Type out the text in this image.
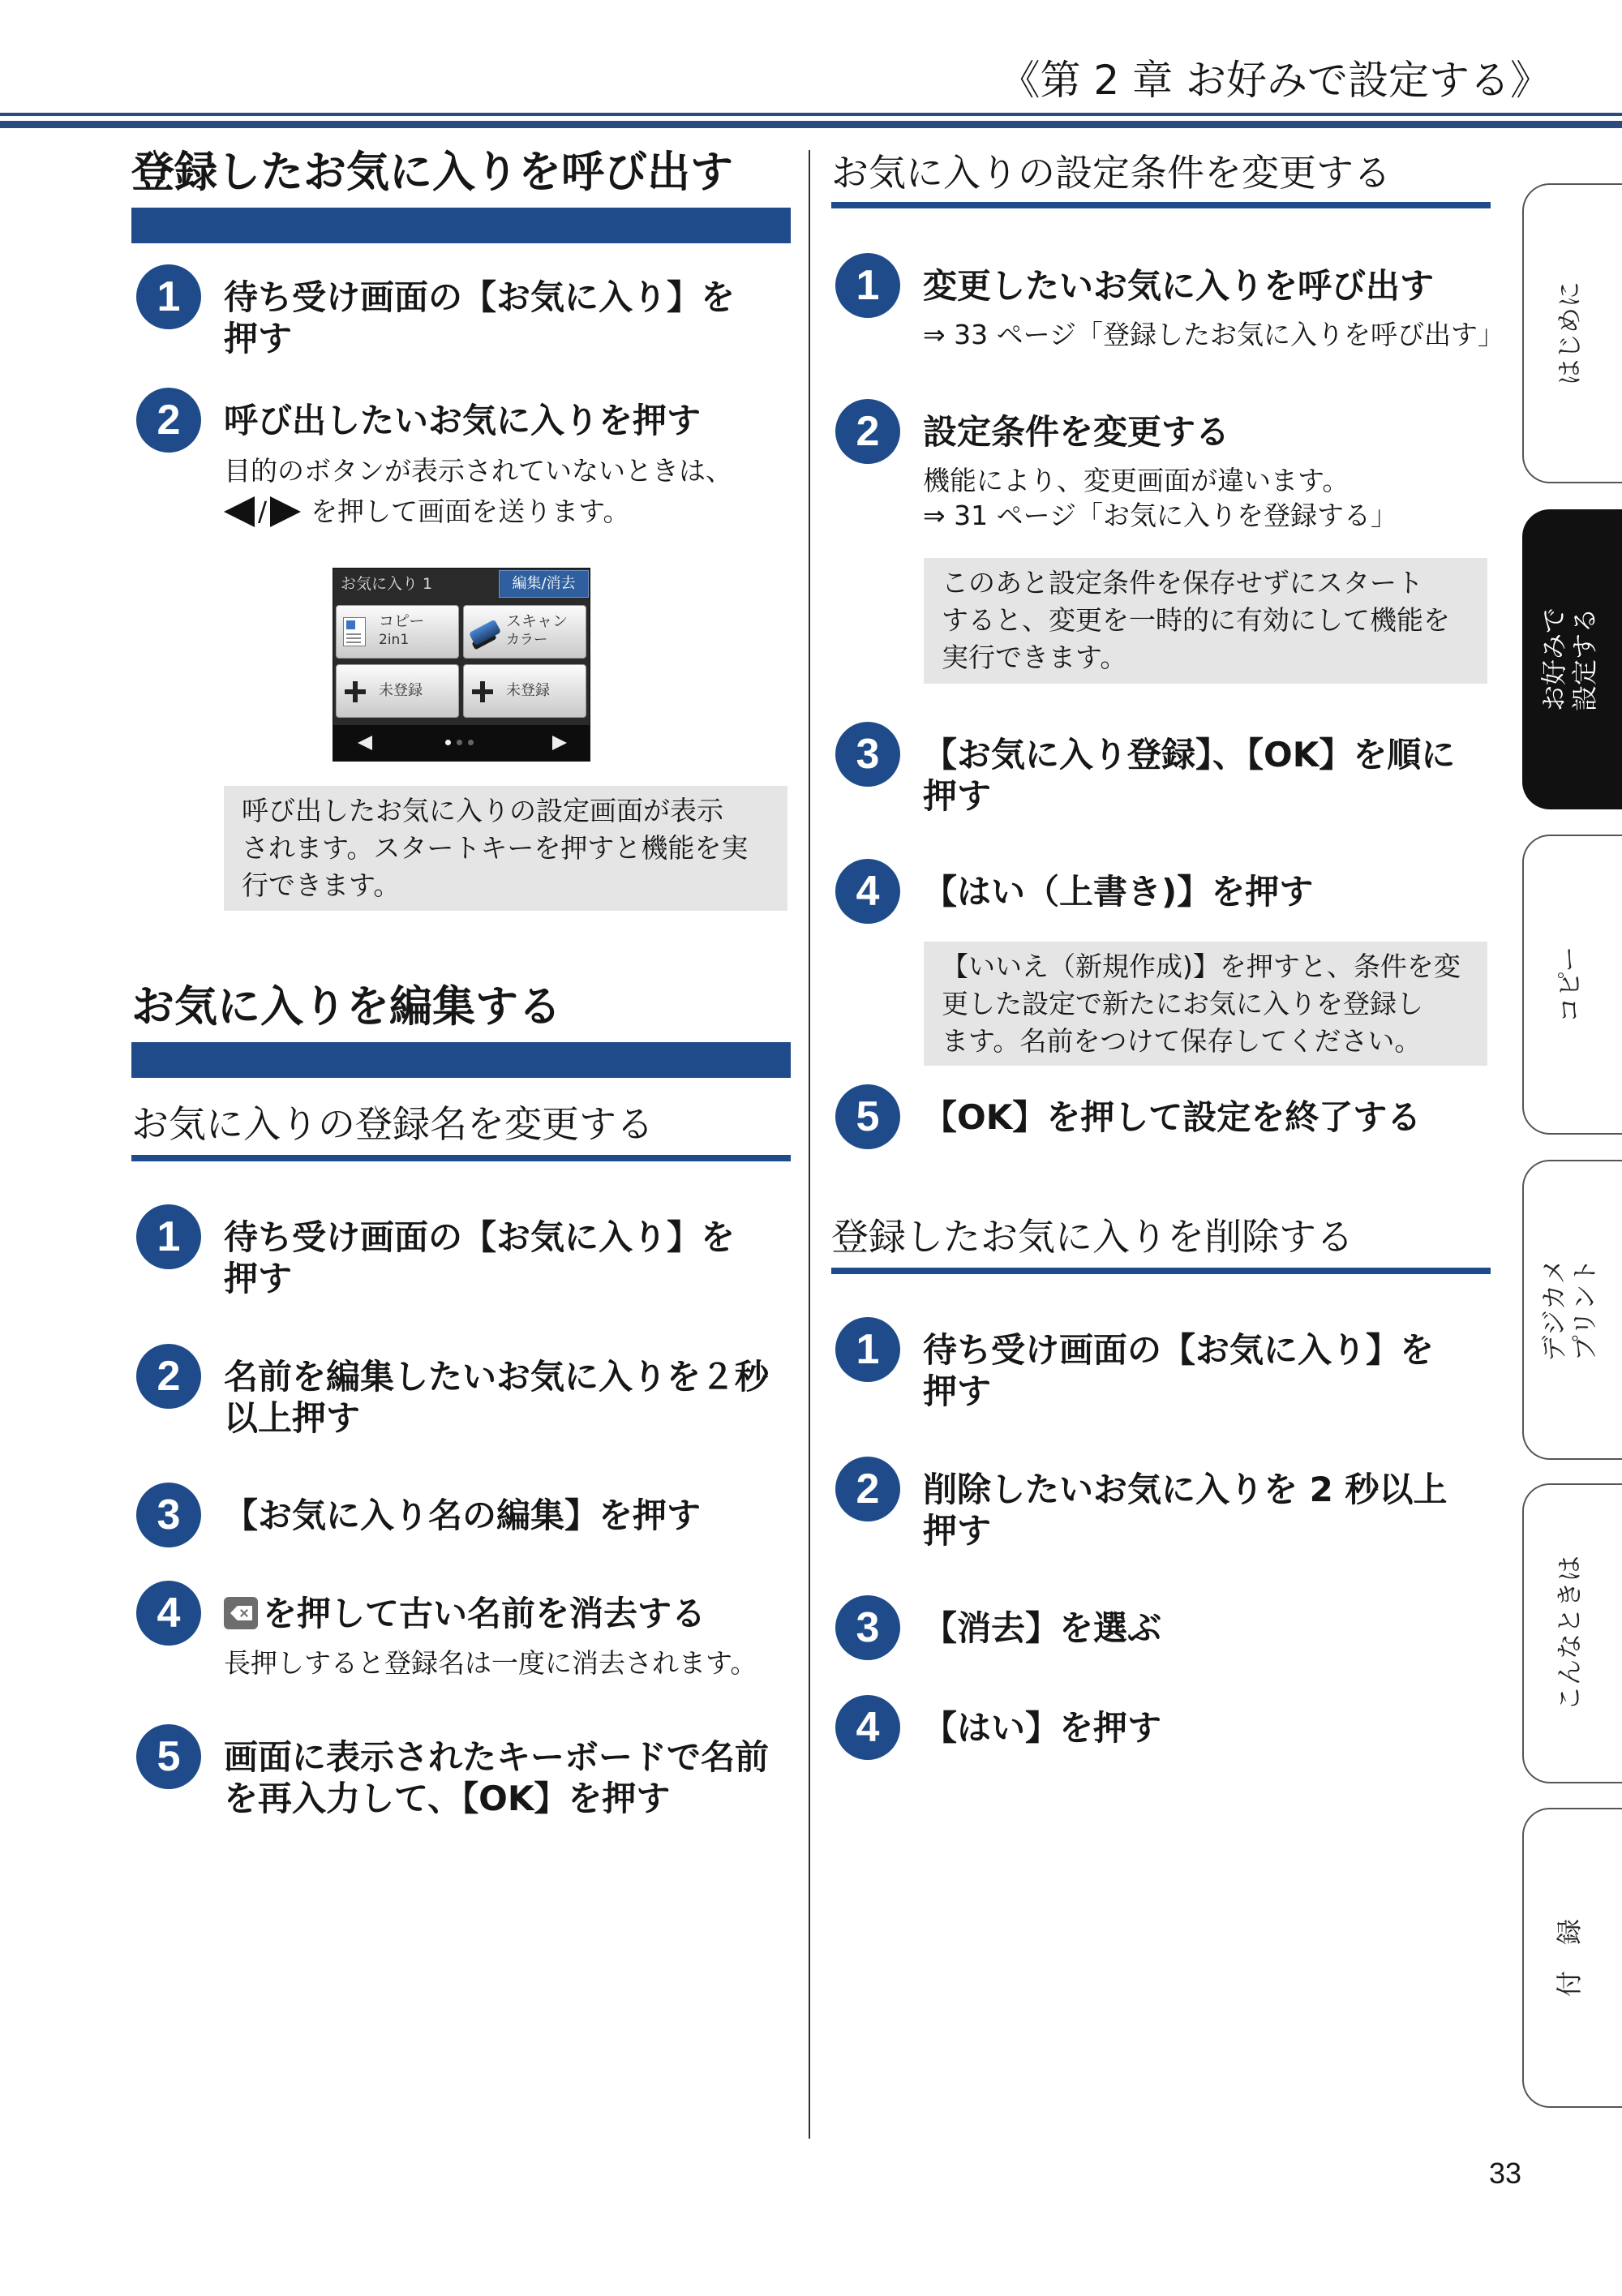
《第 2 章 お好みで設定する》
登録したお気に入りを呼び出す
1	待ち受け画面の【お気に入り】を
押す
2	呼び出したいお気に入りを押す
目的のボタンが表示されていないときは、
/ を押して画面を送ります。
お気に入り 1	編集/消去
コピー
2in1
スキャン
カラー
未登録	未登録
呼び出したお気に入りの設定画面が表示
されます。スタートキーを押すと機能を実
行できます。
お気に入りを編集する
お気に入りの登録名を変更する
1	待ち受け画面の【お気に入り】を
押す
2	名前を編集したいお気に入りを２秒
以上押す
3	【お気に入り名の編集】を押す
4	を押して古い名前を消去する
長押しすると登録名は一度に消去されます。
5	画面に表示されたキーボードで名前
を再入力して、【OK】を押す
お気に入りの設定条件を変更する
1	変更したいお気に入りを呼び出す
⇒ 33 ページ「登録したお気に入りを呼び出す」
2	設定条件を変更する
機能により、変更画面が違います。
⇒ 31 ページ「お気に入りを登録する」
このあと設定条件を保存せずにスタート
すると、変更を一時的に有効にして機能を
実行できます。
3	【お気に入り登録】、【OK】を順に
押す
4	【はい（上書き)】を押す
【いいえ（新規作成)】を押すと、条件を変
更した設定で新たにお気に入りを登録し
ます。名前をつけて保存してください。
5	【OK】を押して設定を終了する
登録したお気に入りを削除する
1	待ち受け画面の【お気に入り】を
押す
2	削除したいお気に入りを 2 秒以上
押す
3	【消去】を選ぶ
4	【はい】を押す
はじめに
お好みで 設定する
コピー
デジカメ プリント
こんなときは
付　録
33
